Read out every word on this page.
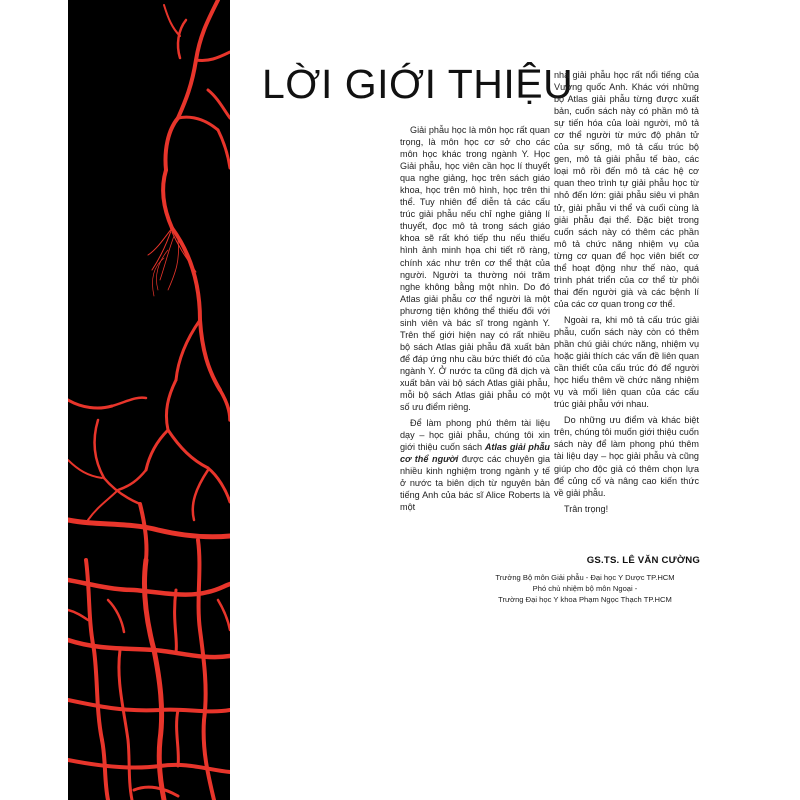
LỜI GIỚI THIỆU

Giải phẫu học là môn học rất quan trọng, là môn học cơ sở cho các môn học khác trong ngành Y. Học Giải phẫu, học viên cần học lí thuyết qua nghe giảng, học trên sách giáo khoa, học trên mô hình, học trên thi thể. Tuy nhiên để diễn tả các cấu trúc giải phẫu nếu chỉ nghe giảng lí thuyết, đọc mô tả trong sách giáo khoa sẽ rất khó tiếp thu nếu thiếu hình ảnh minh họa chi tiết rõ ràng, chính xác như trên cơ thể thật của người. Người ta thường nói trăm nghe không bằng một nhìn. Do đó Atlas giải phẫu cơ thể người là một phương tiện không thể thiếu đối với sinh viên và bác sĩ trong ngành Y. Trên thế giới hiện nay có rất nhiều bộ sách Atlas giải phẫu đã xuất bản để đáp ứng nhu cầu bức thiết đó của ngành Y. Ở nước ta cũng đã dịch và xuất bản vài bộ sách Atlas giải phẫu, mỗi bộ sách Atlas giải phẫu có một số ưu điểm riêng.

Để làm phong phú thêm tài liệu dạy – học giải phẫu, chúng tôi xin giới thiệu cuốn sách Atlas giải phẫu cơ thể người được các chuyên gia nhiều kinh nghiệm trong ngành y tế ở nước ta biên dịch từ nguyên bản tiếng Anh của bác sĩ Alice Roberts là một

nhà giải phẫu học rất nổi tiếng của Vương quốc Anh. Khác với những bộ Atlas giải phẫu từng được xuất bản, cuốn sách này có phần mô tả sự tiến hóa của loài người, mô tả cơ thể người từ mức độ phân tử của sự sống, mô tả cấu trúc bộ gen, mô tả giải phẫu tế bào, các loại mô rồi đến mô tả các hệ cơ quan theo trình tự giải phẫu học từ nhỏ đến lớn: giải phẫu siêu vi phân tử, giải phẫu vi thể và cuối cùng là giải phẫu đại thể. Đặc biệt trong cuốn sách này có thêm các phần mô tả chức năng nhiệm vụ của từng cơ quan để học viên biết cơ thể hoạt động như thế nào, quá trình phát triển của cơ thể từ phôi thai đến người già và các bệnh lí của các cơ quan trong cơ thể.

Ngoài ra, khi mô tả cấu trúc giải phẫu, cuốn sách này còn có thêm phần chú giải chức năng, nhiệm vụ hoặc giải thích các vấn đề liên quan cần thiết của cấu trúc đó để người học hiểu thêm về chức năng nhiệm vụ và mối liên quan của các cấu trúc giải phẫu với nhau.

Do những ưu điểm và khác biệt trên, chúng tôi muốn giới thiệu cuốn sách này để làm phong phú thêm tài liệu dạy – học giải phẫu và cũng giúp cho độc giả có thêm chọn lựa để củng cố và nâng cao kiến thức về giải phẫu.

Trân trọng!

GS.TS. LÊ VĂN CƯỜNG

Trưởng Bộ môn Giải phẫu - Đại học Y Dược TP.HCM

Phó chủ nhiệm bộ môn Ngoại -

Trường Đại học Y khoa Phạm Ngọc Thạch TP.HCM
